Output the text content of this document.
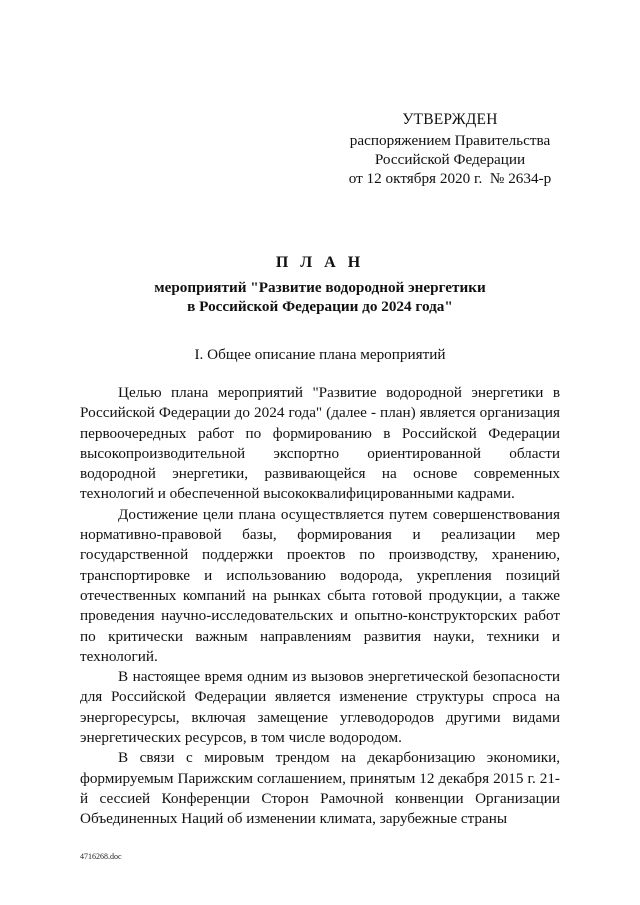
УТВЕРЖДЕН
распоряжением Правительства
Российской Федерации
от 12 октября 2020 г.  № 2634-р
П Л А Н
мероприятий "Развитие водородной энергетики
в Российской Федерации до 2024 года"
I. Общее описание плана мероприятий

Целью плана мероприятий "Развитие водородной энергетики в Российской Федерации до 2024 года" (далее - план) является организация первоочередных работ по формированию в Российской Федерации высокопроизводительной экспортно ориентированной области водородной энергетики, развивающейся на основе современных технологий и обеспеченной высококвалифицированными кадрами.

Достижение цели плана осуществляется путем совершенствования нормативно-правовой базы, формирования и реализации мер государственной поддержки проектов по производству, хранению, транспортировке и использованию водорода, укрепления позиций отечественных компаний на рынках сбыта готовой продукции, а также проведения научно-исследовательских и опытно-конструкторских работ по критически важным направлениям развития науки, техники и технологий.

В настоящее время одним из вызовов энергетической безопасности для Российской Федерации является изменение структуры спроса на энергоресурсы, включая замещение углеводородов другими видами энергетических ресурсов, в том числе водородом.

В связи с мировым трендом на декарбонизацию экономики, формируемым Парижским соглашением, принятым 12 декабря 2015 г. 21-й сессией Конференции Сторон Рамочной конвенции Организации Объединенных Наций об изменении климата, зарубежные страны

4716268.doc
